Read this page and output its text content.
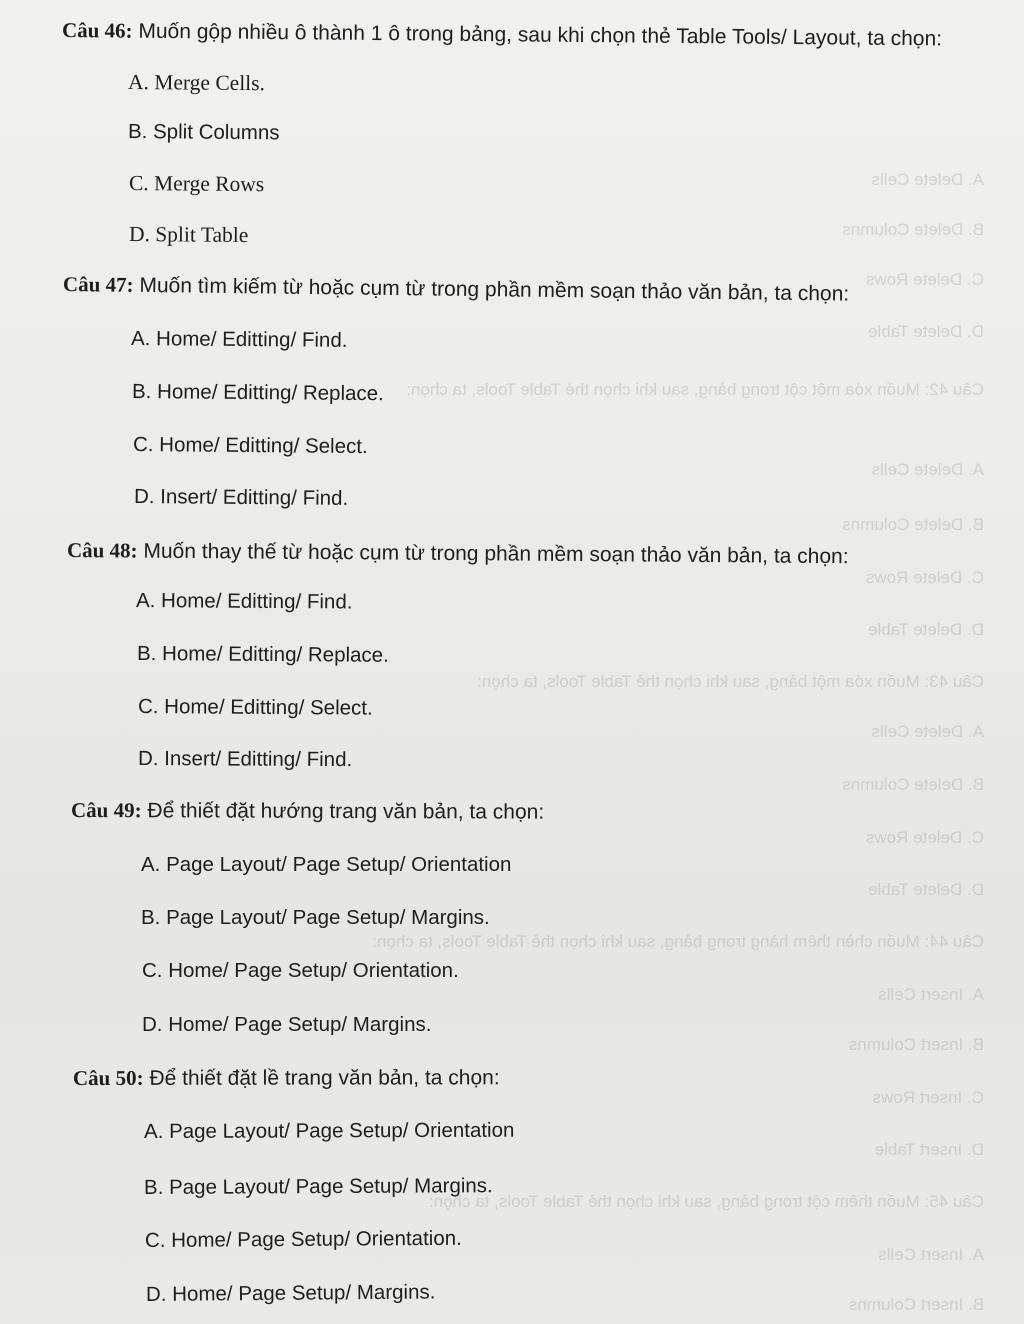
A. Delete Cells
B. Delete Columns
C. Delete Rows
D. Delete Table
Câu 42: Muốn xóa một cột trong bảng, sau khi chọn thẻ Table Tools, ta chọn:
A. Delete Cells
B. Delete Columns
C. Delete Rows
D. Delete Table
Câu 43: Muốn xóa một bảng, sau khi chọn thẻ Table Tools, ta chọn:
A. Delete Cells
B. Delete Columns
C. Delete Rows
D. Delete Table
Câu 44: Muốn chèn thêm hàng trong bảng, sau khi chọn thẻ Table Tools, ta chọn:
A. Insert Cells
B. Insert Columns
C. Insert Rows
D. Insert Table
Câu 45: Muốn thêm cột trong bảng, sau khi chọn thẻ Table Tools, ta chọn:
A. Insert Cells
B. Insert Columns
Câu 46: Muốn gộp nhiều ô thành 1 ô trong bảng, sau khi chọn thẻ Table Tools/ Layout, ta chọn:
A. Merge Cells.
B. Split Columns
C. Merge Rows
D. Split Table
Câu 47: Muốn tìm kiếm từ hoặc cụm từ trong phần mềm soạn thảo văn bản, ta chọn:
A. Home/ Editting/ Find.
B. Home/ Editting/ Replace.
C. Home/ Editting/ Select.
D. Insert/ Editting/ Find.
Câu 48: Muốn thay thế từ hoặc cụm từ trong phần mềm soạn thảo văn bản, ta chọn:
A. Home/ Editting/ Find.
B. Home/ Editting/ Replace.
C. Home/ Editting/ Select.
D. Insert/ Editting/ Find.
Câu 49: Để thiết đặt hướng trang văn bản, ta chọn:
A. Page Layout/ Page Setup/ Orientation
B. Page Layout/ Page Setup/ Margins.
C. Home/ Page Setup/ Orientation.
D. Home/ Page Setup/ Margins.
Câu 50: Để thiết đặt lề trang văn bản, ta chọn:
A. Page Layout/ Page Setup/ Orientation
B. Page Layout/ Page Setup/ Margins.
C. Home/ Page Setup/ Orientation.
D. Home/ Page Setup/ Margins.
